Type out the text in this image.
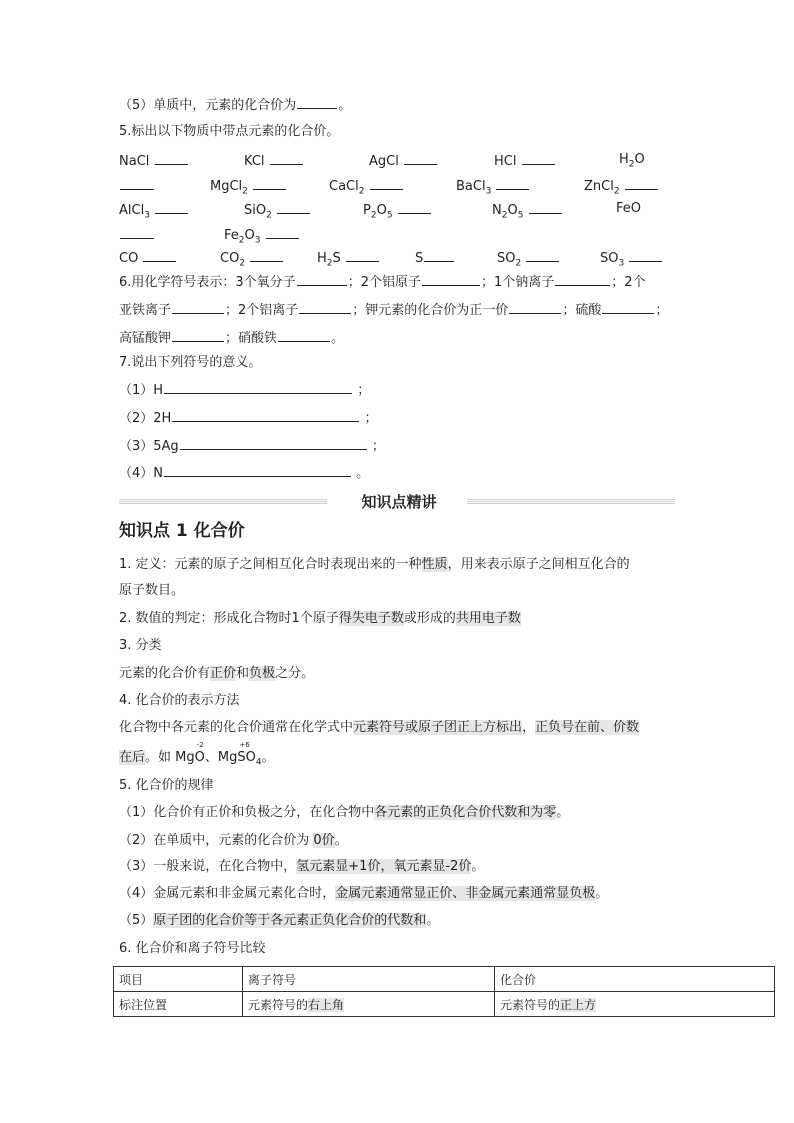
（5）单质中，元素的化合价为	。
5.标出以下物质中带点元素的化合价。
NaCl	KCl	AgCl	HCl	$H_2O$
MgCl$_2$	CaCl$_2$	BaCl$_3$	ZnCl$_2$
AlCl$_3$	SiO$_2$	$P_2O_5$	$N_2O_5$	FeO
$Fe_2O_3$
CO	$CO_2$	$H_2S$	S	$SO_2$	$SO_3$
6.用化学符号表示：3个氧分子	；2个铝原子	；1个钠离子	；2个
亚铁离子	；2个铝离子	；钾元素的化合价为正一价	；硫酸	；
高锰酸钾	；硝酸铁	。
7.说出下列符号的意义。
（1）H	；
（2）2H	；
（3）5Ag	；
（4）N	。
知识点精讲
知识点 1 化合价
1. 定义：元素的原子之间相互化合时表现出来的一种性质，用来表示原子之间相互化合的
原子数目。
2. 数值的判定：形成化合物时1个原子得失电子数或形成的共用电子数
3. 分类
元素的化合价有正价和负极之分。
4. 化合价的表示方法
化合物中各元素的化合价通常在化学式中元素符号或原子团正上方标出，正负号在前、价数
在后。如 MgO
-2
、MgS
+6
$O_4$。
5. 化合价的规律
（1）化合价有正价和负极之分，在化合物中各元素的正负化合价代数和为零。
（2）在单质中，元素的化合价为 0价。
（3）一般来说，在化合物中，氢元素显+1价，氧元素显-2价。
（4）金属元素和非金属元素化合时，金属元素通常显正价、非金属元素通常显负极。
（5）原子团的化合价等于各元素正负化合价的代数和。
6. 化合价和离子符号比较
项目	离子符号	化合价
标注位置	元素符号的右上角	元素符号的正上方
